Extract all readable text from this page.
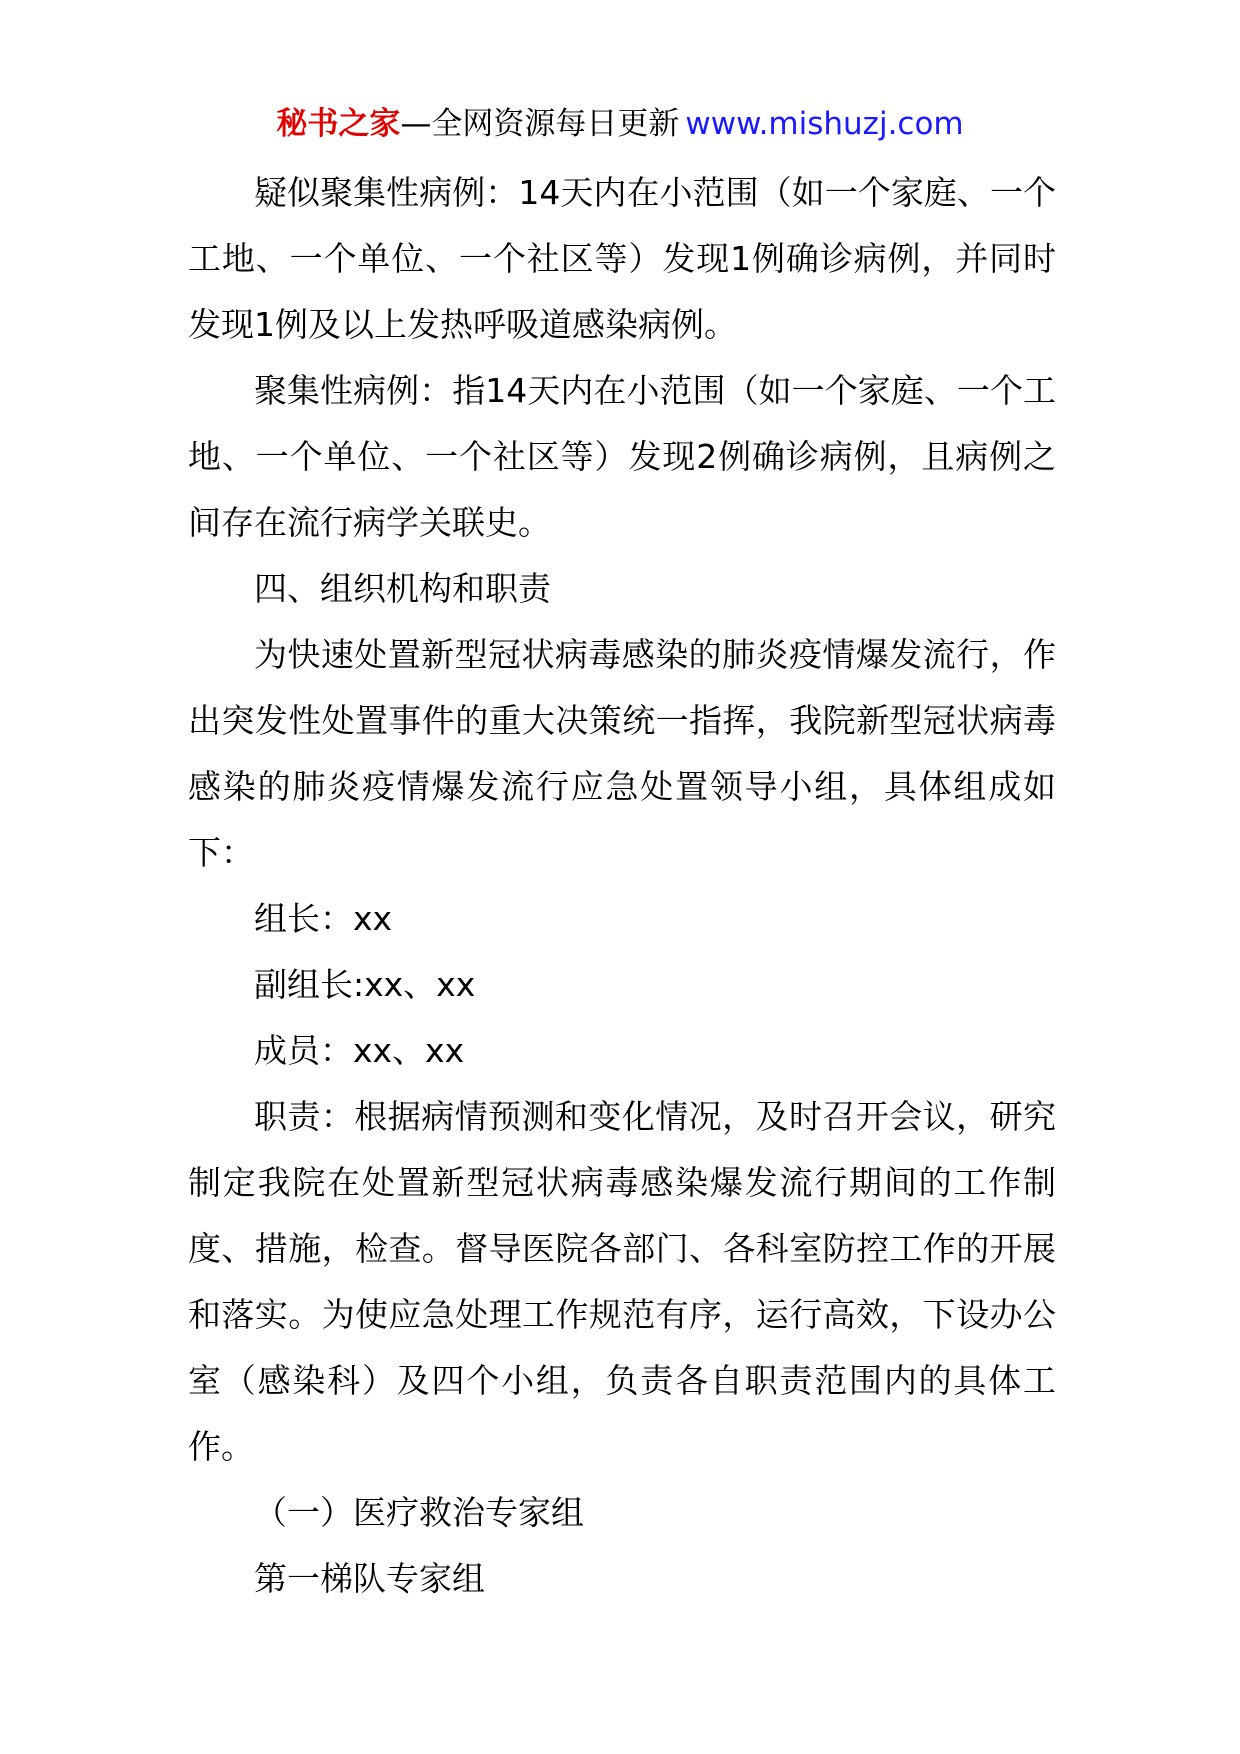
秘书之家—全网资源每日更新 www.mishuzj.com

疑似聚集性病例：14天内在小范围（如一个家庭、一个工地、一个单位、一个社区等）发现1例确诊病例，并同时发现1例及以上发热呼吸道感染病例。

聚集性病例：指14天内在小范围（如一个家庭、一个工地、一个单位、一个社区等）发现2例确诊病例，且病例之间存在流行病学关联史。

四、组织机构和职责

为快速处置新型冠状病毒感染的肺炎疫情爆发流行，作出突发性处置事件的重大决策统一指挥，我院新型冠状病毒感染的肺炎疫情爆发流行应急处置领导小组，具体组成如下：

组长：xx

副组长:xx、xx

成员：xx、xx

职责：根据病情预测和变化情况，及时召开会议，研究制定我院在处置新型冠状病毒感染爆发流行期间的工作制度、措施，检查。督导医院各部门、各科室防控工作的开展和落实。为使应急处理工作规范有序，运行高效，下设办公室（感染科）及四个小组，负责各自职责范围内的具体工作。

（一）医疗救治专家组

第一梯队专家组
